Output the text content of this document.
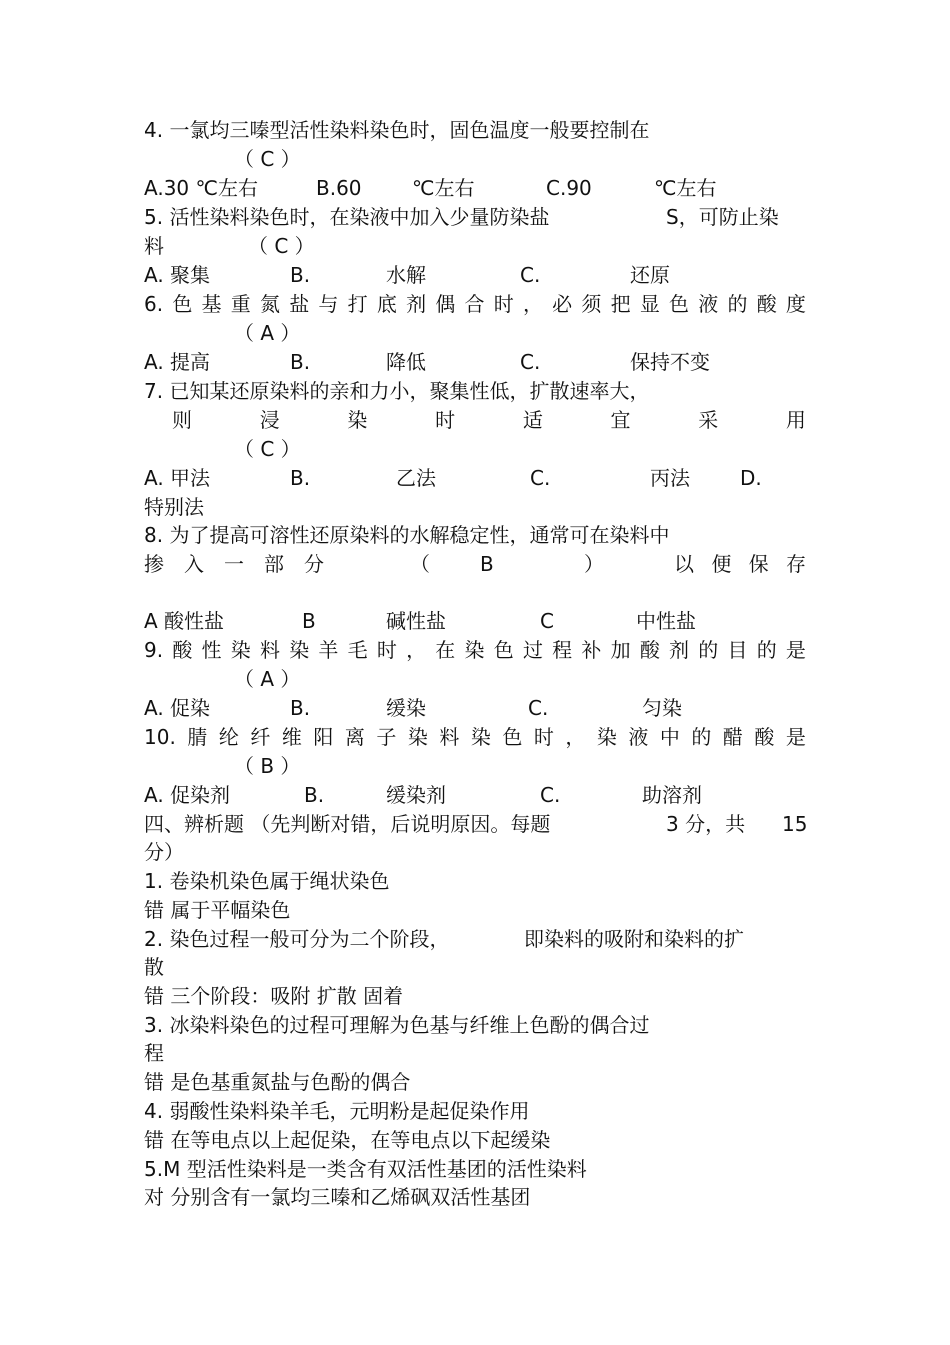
4. 一氯均三嗪型活性染料染色时，固色温度一般要控制在
（ C ）
A.30 ℃左右	B.60	℃左右	C.90	℃左右
5. 活性染料染色时，在染液中加入少量防染盐	S，可防止染
料	（ C ）
A. 聚集	B.	水解	C.	还原
6. 色 基 重 氮 盐 与 打 底 剂 偶 合 时 ， 必 须 把 显 色 液 的 酸 度
（ A ）
A. 提高	B.	降低	C.	保持不变
7. 已知某还原染料的亲和力小，聚集性低，扩散速率大，
则	浸	染	时	适	宜	采	用
（ C ）
A. 甲法	B.	乙法	C.	丙法	D.
特别法
8. 为了提高可溶性还原染料的水解稳定性，通常可在染料中
掺 入 一 部 分	（	B	）	以 便 保 存
A 酸性盐	B	碱性盐	C	中性盐
9. 酸 性 染 料 染 羊 毛 时 ， 在 染 色 过 程 补 加 酸 剂 的 目 的 是
（ A ）
A. 促染	B.	缓染	C.	匀染
10. 腈 纶 纤 维 阳 离 子 染 料 染 色 时 ， 染 液 中 的 醋 酸 是
（ B ）
A. 促染剂	B.	缓染剂	C.	助溶剂
四、辨析题 （先判断对错，后说明原因。每题	3 分，共 15
分）
1. 卷染机染色属于绳状染色
错 属于平幅染色
2. 染色过程一般可分为二个阶段，	即染料的吸附和染料的扩
散
错 三个阶段：吸附 扩散 固着
3. 冰染料染色的过程可理解为色基与纤维上色酚的偶合过
程
错 是色基重氮盐与色酚的偶合
4. 弱酸性染料染羊毛，元明粉是起促染作用
错 在等电点以上起促染，在等电点以下起缓染
5.M 型活性染料是一类含有双活性基团的活性染料
对 分别含有一氯均三嗪和乙烯砜双活性基团
